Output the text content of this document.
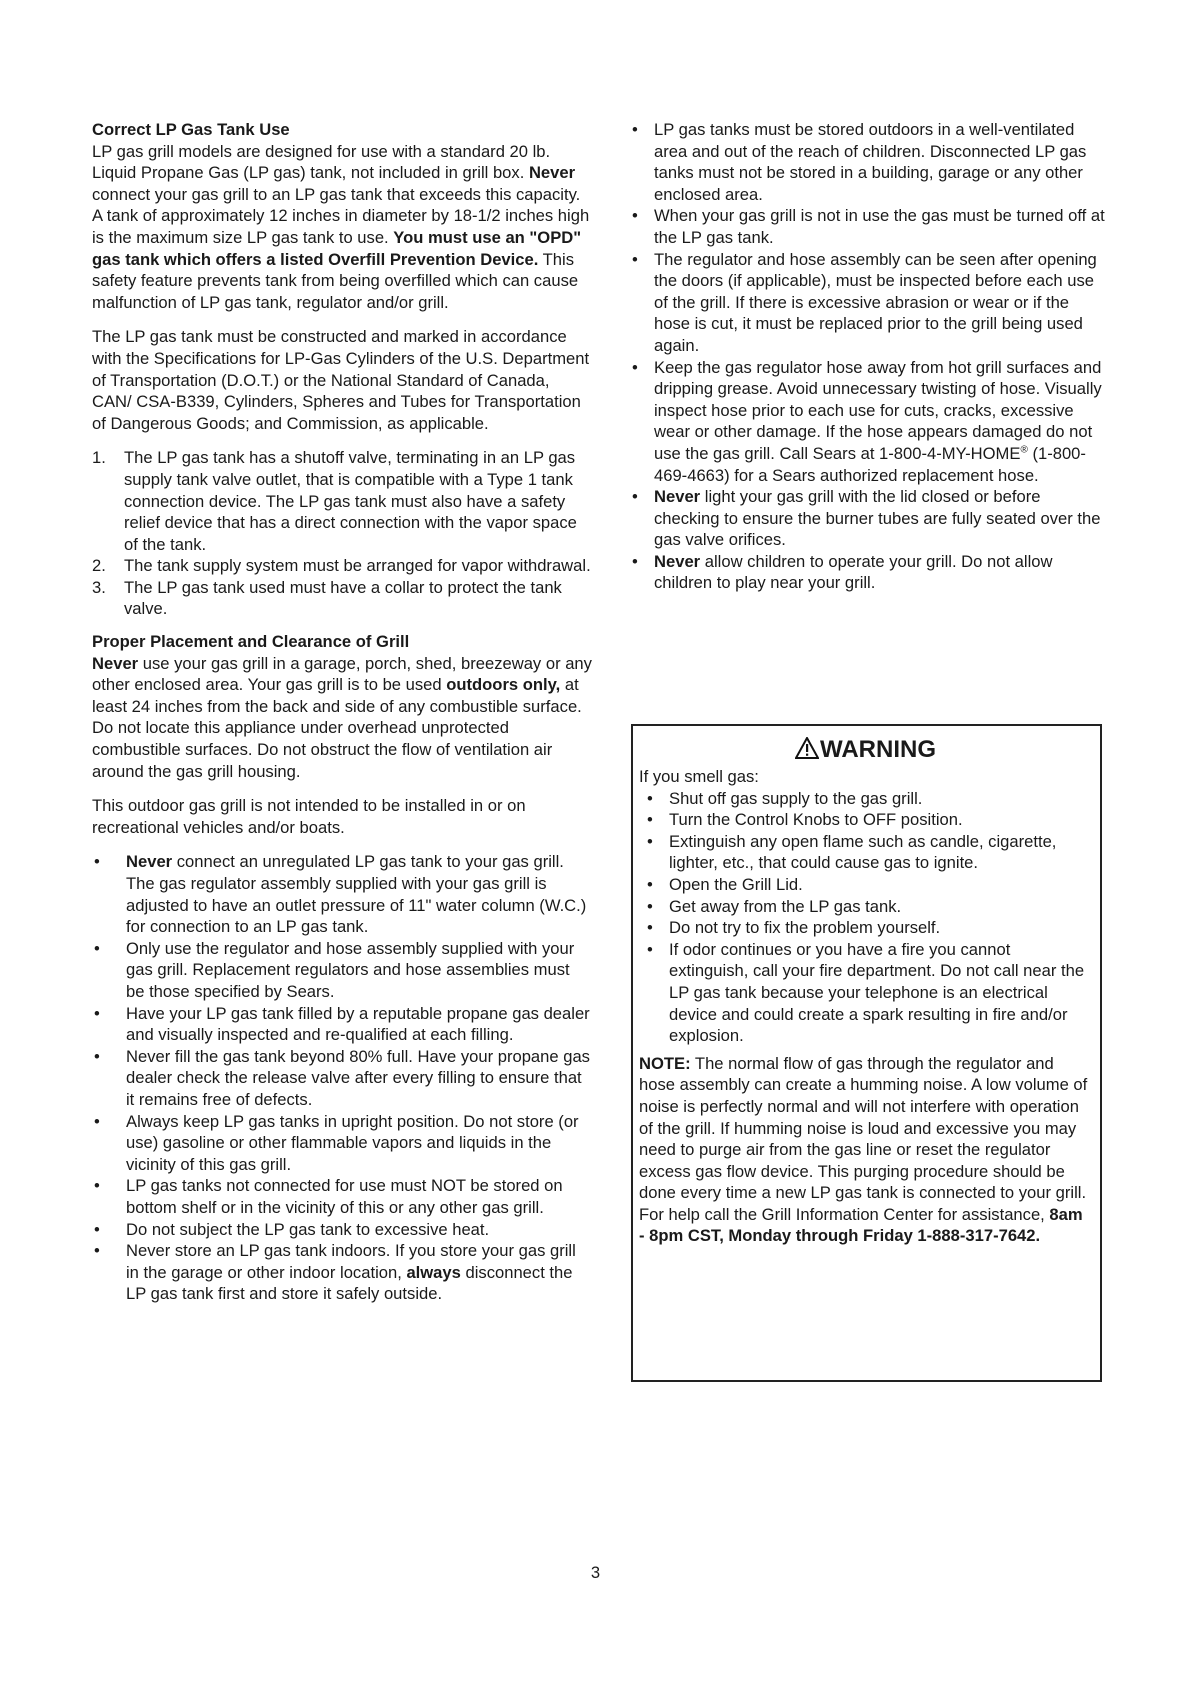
Correct LP Gas Tank Use

LP gas grill models are designed for use with a standard 20 lb. Liquid Propane Gas (LP gas) tank, not included in grill box. Never connect your gas grill to an LP gas tank that exceeds this capacity. A tank of approximately 12 inches in diameter by 18-1/2 inches high is the maximum size LP gas tank to use. You must use an "OPD" gas tank which offers a listed Overfill Prevention Device. This safety feature prevents tank from being overfilled which can cause malfunction of LP gas tank, regulator and/or grill.

The LP gas tank must be constructed and marked in accordance with the Specifications for LP-Gas Cylinders of the U.S. Department of Transportation (D.O.T.) or the National Standard of Canada, CAN/ CSA-B339, Cylinders, Spheres and Tubes for Transportation of Dangerous Goods; and Commission, as applicable.

1. The LP gas tank has a shutoff valve, terminating in an LP gas supply tank valve outlet, that is compatible with a Type 1 tank connection device. The LP gas tank must also have a safety relief device that has a direct connection with the vapor space of the tank.
2. The tank supply system must be arranged for vapor withdrawal.
3. The LP gas tank used must have a collar to protect the tank valve.

Proper Placement and Clearance of Grill

Never use your gas grill in a garage, porch, shed, breezeway or any other enclosed area. Your gas grill is to be used outdoors only, at least 24 inches from the back and side of any combustible surface. Do not locate this appliance under overhead unprotected combustible surfaces. Do not obstruct the flow of ventilation air around the gas grill housing.

This outdoor gas grill is not intended to be installed in or on recreational vehicles and/or boats.

• Never connect an unregulated LP gas tank to your gas grill. The gas regulator assembly supplied with your gas grill is adjusted to have an outlet pressure of 11" water column (W.C.) for connection to an LP gas tank.
• Only use the regulator and hose assembly supplied with your gas grill. Replacement regulators and hose assemblies must be those specified by Sears.
• Have your LP gas tank filled by a reputable propane gas dealer and visually inspected and re-qualified at each filling.
• Never fill the gas tank beyond 80% full. Have your propane gas dealer check the release valve after every filling to ensure that it remains free of defects.
• Always keep LP gas tanks in upright position. Do not store (or use) gasoline or other flammable vapors and liquids in the vicinity of this gas grill.
• LP gas tanks not connected for use must NOT be stored on bottom shelf or in the vicinity of this or any other gas grill.
• Do not subject the LP gas tank to excessive heat.
• Never store an LP gas tank indoors. If you store your gas grill in the garage or other indoor location, always disconnect the LP gas tank first and store it safely outside.
• LP gas tanks must be stored outdoors in a well-ventilated area and out of the reach of children. Disconnected LP gas tanks must not be stored in a building, garage or any other enclosed area.
• When your gas grill is not in use the gas must be turned off at the LP gas tank.
• The regulator and hose assembly can be seen after opening the doors (if applicable), must be inspected before each use of the grill. If there is excessive abrasion or wear or if the hose is cut, it must be replaced prior to the grill being used again.
• Keep the gas regulator hose away from hot grill surfaces and dripping grease. Avoid unnecessary twisting of hose. Visually inspect hose prior to each use for cuts, cracks, excessive wear or other damage. If the hose appears damaged do not use the gas grill. Call Sears at 1-800-4-MY-HOME® (1-800-469-4663) for a Sears authorized replacement hose.
• Never light your gas grill with the lid closed or before checking to ensure the burner tubes are fully seated over the gas valve orifices.
• Never allow children to operate your grill. Do not allow children to play near your grill.
WARNING

If you smell gas:

• Shut off gas supply to the gas grill.
• Turn the Control Knobs to OFF position.
• Extinguish any open flame such as candle, cigarette, lighter, etc., that could cause gas to ignite.
• Open the Grill Lid.
• Get away from the LP gas tank.
• Do not try to fix the problem yourself.
• If odor continues or you have a fire you cannot extinguish, call your fire department. Do not call near the LP gas tank because your telephone is an electrical device and could create a spark resulting in fire and/or explosion.

NOTE: The normal flow of gas through the regulator and hose assembly can create a humming noise. A low volume of noise is perfectly normal and will not interfere with operation of the grill. If humming noise is loud and excessive you may need to purge air from the gas line or reset the regulator excess gas flow device. This purging procedure should be done every time a new LP gas tank is connected to your grill. For help call the Grill Information Center for assistance, 8am - 8pm CST, Monday through Friday 1-888-317-7642.

3
